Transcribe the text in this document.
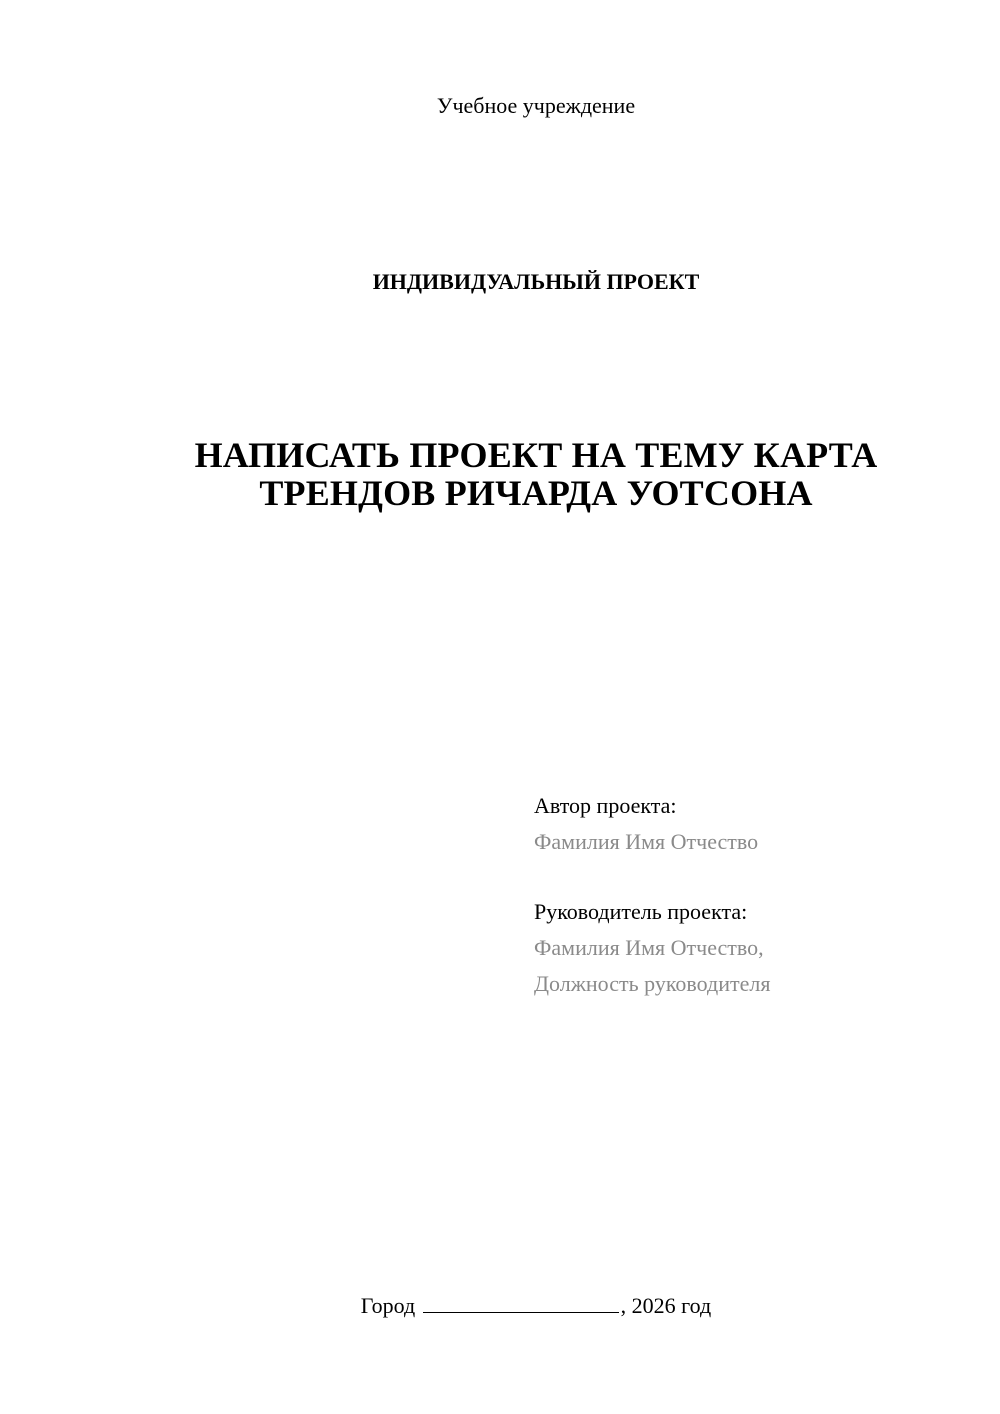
Учебное учреждение
ИНДИВИДУАЛЬНЫЙ ПРОЕКТ
НАПИСАТЬ ПРОЕКТ НА ТЕМУ КАРТА
ТРЕНДОВ РИЧАРДА УОТСОНА
Автор проекта:
Фамилия Имя Отчество
Руководитель проекта:
Фамилия Имя Отчество,
Должность руководителя
Город	, 2026 год
